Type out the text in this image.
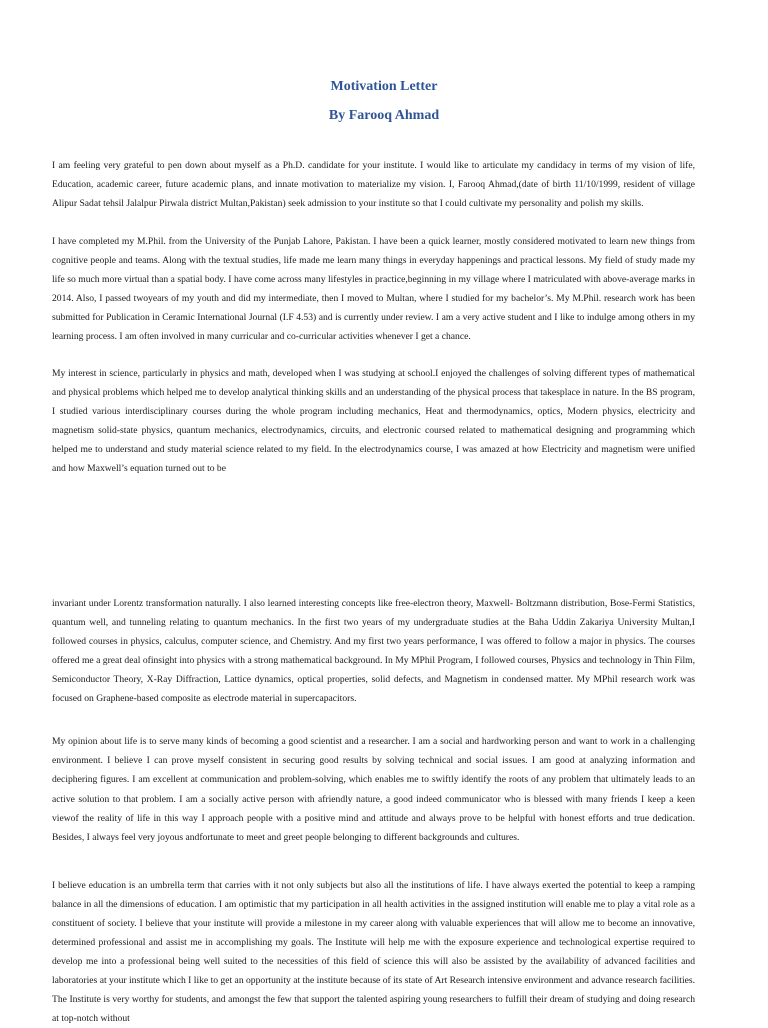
Motivation Letter
By Farooq Ahmad

I am feeling very grateful to pen down about myself as a Ph.D. candidate for your institute. I would like to articulate my candidacy in terms of my vision of life, Education, academic career, future academic plans, and innate motivation to materialize my vision. I, Farooq Ahmad,(date of birth 11/10/1999, resident of village Alipur Sadat tehsil Jalalpur Pirwala district Multan,Pakistan) seek admission to your institute so that I could cultivate my personality and polish my skills.

I have completed my M.Phil. from the University of the Punjab Lahore, Pakistan. I have been a quick learner, mostly considered motivated to learn new things from cognitive people and teams. Along with the textual studies, life made me learn many things in everyday happenings and practical lessons. My field of study made my life so much more virtual than a spatial body. I have come across many lifestyles in practice,beginning in my village where I matriculated with above-average marks in 2014. Also, I passed twoyears of my youth and did my intermediate, then I moved to Multan, where I studied for my bachelor’s. My M.Phil. research work has been submitted for Publication in Ceramic International Journal (I.F 4.53) and is currently under review. I am a very active student and I like to indulge among others in my learning process. I am often involved in many curricular and co-curricular activities whenever I get a chance.

My interest in science, particularly in physics and math, developed when I was studying at school.I enjoyed the challenges of solving different types of mathematical and physical problems which helped me to develop analytical thinking skills and an understanding of the physical process that takesplace in nature. In the BS program, I studied various interdisciplinary courses during the whole program including mechanics, Heat and thermodynamics, optics, Modern physics, electricity and magnetism solid-state physics, quantum mechanics, electrodynamics, circuits, and electronic coursed related to mathematical designing and programming which helped me to understand and study material science related to my field. In the electrodynamics course, I was amazed at how Electricity and magnetism were unified and how Maxwell’s equation turned out to be

invariant under Lorentz transformation naturally. I also learned interesting concepts like free-electron theory, Maxwell- Boltzmann distribution, Bose-Fermi Statistics, quantum well, and tunneling relating to quantum mechanics. In the first two years of my undergraduate studies at the Baha Uddin Zakariya University Multan,I followed courses in physics, calculus, computer science, and Chemistry. And my first two years performance, I was offered to follow a major in physics. The courses offered me a great deal ofinsight into physics with a strong mathematical background. In My MPhil Program, I followed courses, Physics and technology in Thin Film, Semiconductor Theory, X-Ray Diffraction, Lattice dynamics, optical properties, solid defects, and Magnetism in condensed matter. My MPhil research work was focused on Graphene-based composite as electrode material in supercapacitors.

My opinion about life is to serve many kinds of becoming a good scientist and a researcher. I am a social and hardworking person and want to work in a challenging environment. I believe I can prove myself consistent in securing good results by solving technical and social issues. I am good at analyzing information and deciphering figures. I am excellent at communication and problem-solving, which enables me to swiftly identify the roots of any problem that ultimately leads to an active solution to that problem. I am a socially active person with afriendly nature, a good indeed communicator who is blessed with many friends I keep a keen viewof the reality of life in this way I approach people with a positive mind and attitude and always prove to be helpful with honest efforts and true dedication. Besides, I always feel very joyous andfortunate to meet and greet people belonging to different backgrounds and cultures.

I believe education is an umbrella term that carries with it not only subjects but also all the institutions of life. I have always exerted the potential to keep a ramping balance in all the dimensions of education. I am optimistic that my participation in all health activities in the assigned institution will enable me to play a vital role as a constituent of society. I believe that your institute will provide a milestone in my career along with valuable experiences that will allow me to become an innovative, determined professional and assist me in accomplishing my goals. The Institute will help me with the exposure experience and technological expertise required to develop me into a professional being well suited to the necessities of this field of science this will also be assisted by the availability of advanced facilities and laboratories at your institute which I like to get an opportunity at the institute because of its state of Art Research intensive environment and advance research facilities. The Institute is very worthy for students, and amongst the few that support the talented aspiring young researchers to fulfill their dream of studying and doing research at top-notch without
